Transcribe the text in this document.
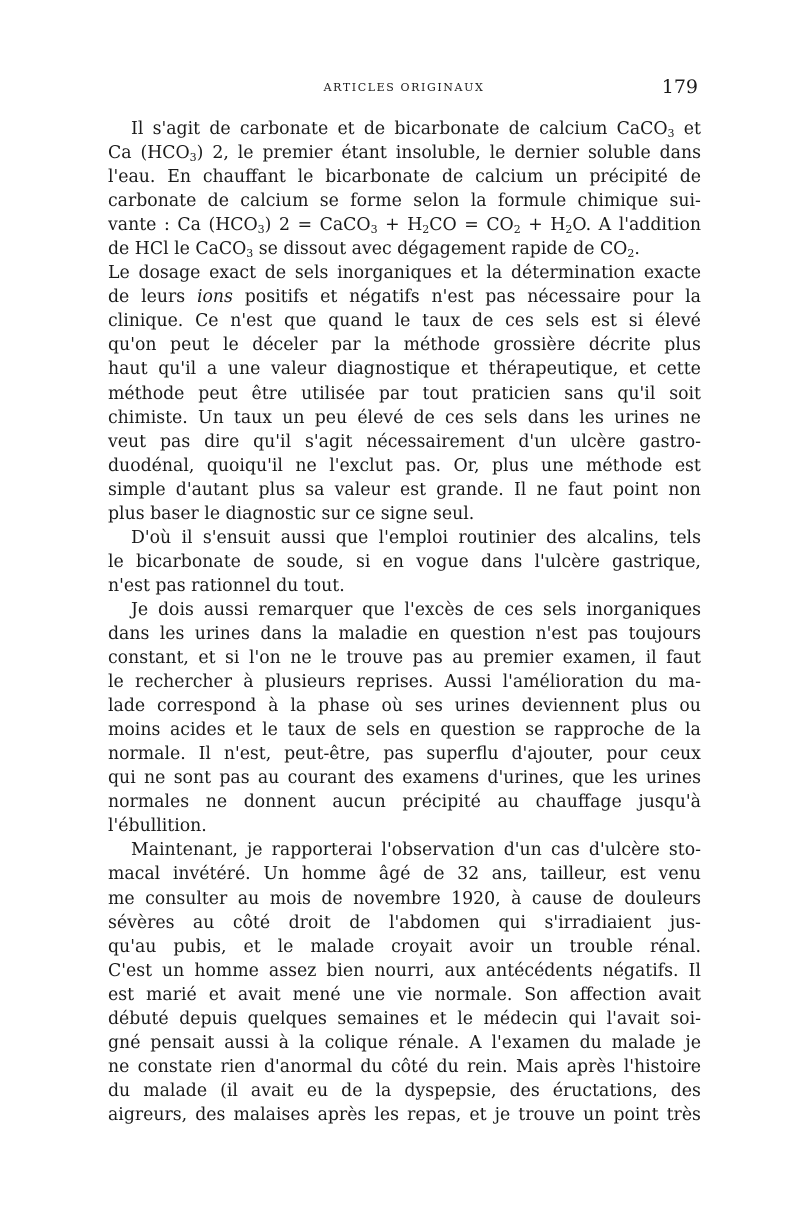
ARTICLES ORIGINAUX	179
Il s'agit de carbonate et de bicarbonate de calcium CaCO$_3$ et
Ca $(HCO_3)$ 2, le premier étant insoluble, le dernier soluble dans
l'eau. En chauffant le bicarbonate de calcium un précipité de
carbonate de calcium se forme selon la formule chimique sui-
vante : Ca $(HCO_3) 2$ = CaCO$_3$ + $H_2CO = CO_2 + H_2O$. A l'addition
de HCl le CaCO$_3$ se dissout avec dégagement rapide de $CO_2$.
Le dosage exact de sels inorganiques et la détermination exacte
de leurs ions positifs et négatifs n'est pas nécessaire pour la
clinique. Ce n'est que quand le taux de ces sels est si élevé
qu'on peut le déceler par la méthode grossière décrite plus
haut qu'il a une valeur diagnostique et thérapeutique, et cette
méthode peut être utilisée par tout praticien sans qu'il soit
chimiste. Un taux un peu élevé de ces sels dans les urines ne
veut pas dire qu'il s'agit nécessairement d'un ulcère gastro-
duodénal, quoiqu'il ne l'exclut pas. Or, plus une méthode est
simple d'autant plus sa valeur est grande. Il ne faut point non
plus baser le diagnostic sur ce signe seul.
D'où il s'ensuit aussi que l'emploi routinier des alcalins, tels
le bicarbonate de soude, si en vogue dans l'ulcère gastrique,
n'est pas rationnel du tout.
Je dois aussi remarquer que l'excès de ces sels inorganiques
dans les urines dans la maladie en question n'est pas toujours
constant, et si l'on ne le trouve pas au premier examen, il faut
le rechercher à plusieurs reprises. Aussi l'amélioration du ma-
lade correspond à la phase où ses urines deviennent plus ou
moins acides et le taux de sels en question se rapproche de la
normale. Il n'est, peut-être, pas superflu d'ajouter, pour ceux
qui ne sont pas au courant des examens d'urines, que les urines
normales ne donnent aucun précipité au chauffage jusqu'à
l'ébullition.
Maintenant, je rapporterai l'observation d'un cas d'ulcère sto-
macal invétéré. Un homme âgé de 32 ans, tailleur, est venu
me consulter au mois de novembre 1920, à cause de douleurs
sévères au côté droit de l'abdomen qui s'irradiaient jus-
qu'au pubis, et le malade croyait avoir un trouble rénal.
C'est un homme assez bien nourri, aux antécédents négatifs. Il
est marié et avait mené une vie normale. Son affection avait
débuté depuis quelques semaines et le médecin qui l'avait soi-
gné pensait aussi à la colique rénale. A l'examen du malade je
ne constate rien d'anormal du côté du rein. Mais après l'histoire
du malade (il avait eu de la dyspepsie, des éructations, des
aigreurs, des malaises après les repas, et je trouve un point très
